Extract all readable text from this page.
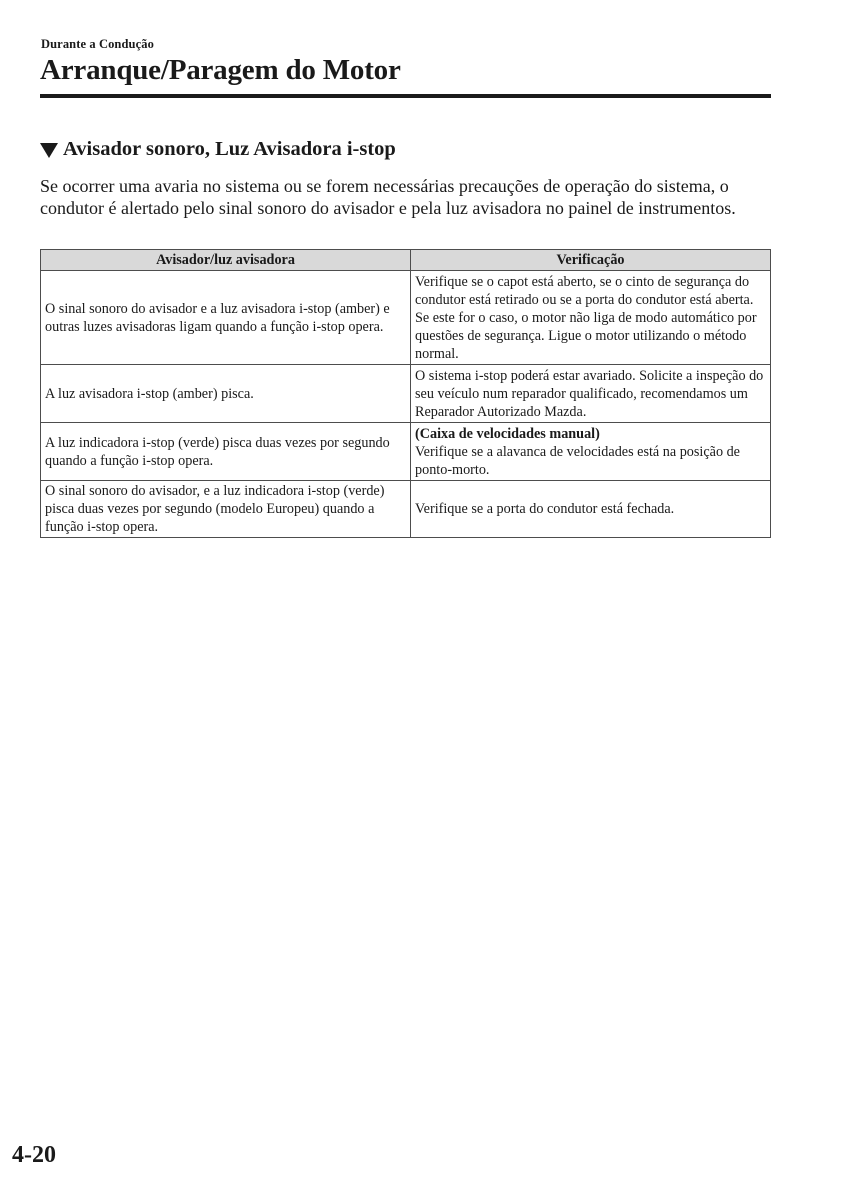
Durante a Condução
Arranque/Paragem do Motor
Avisador sonoro, Luz Avisadora i-stop
Se ocorrer uma avaria no sistema ou se forem necessárias precauções de operação do sistema, o condutor é alertado pelo sinal sonoro do avisador e pela luz avisadora no painel de instrumentos.
Avisador/luz avisadora	Verificação
O sinal sonoro do avisador e a luz avisadora i-stop (amber) e outras luzes avisadoras ligam quando a função i-stop opera.	Verifique se o capot está aberto, se o cinto de segurança do condutor está retirado ou se a porta do condutor está aberta. Se este for o caso, o motor não liga de modo automático por questões de segurança. Ligue o motor utilizando o método normal.
A luz avisadora i-stop (amber) pisca.	O sistema i-stop poderá estar avariado. Solicite a inspeção do seu veículo num reparador qualificado, recomendamos um Reparador Autorizado Mazda.
A luz indicadora i-stop (verde) pisca duas vezes por segundo quando a função i-stop opera.	(Caixa de velocidades manual)
Verifique se a alavanca de velocidades está na posição de ponto-morto.
O sinal sonoro do avisador, e a luz indicadora i-stop (verde) pisca duas vezes por segundo (modelo Europeu) quando a função i-stop opera.	Verifique se a porta do condutor está fechada.
4-20
